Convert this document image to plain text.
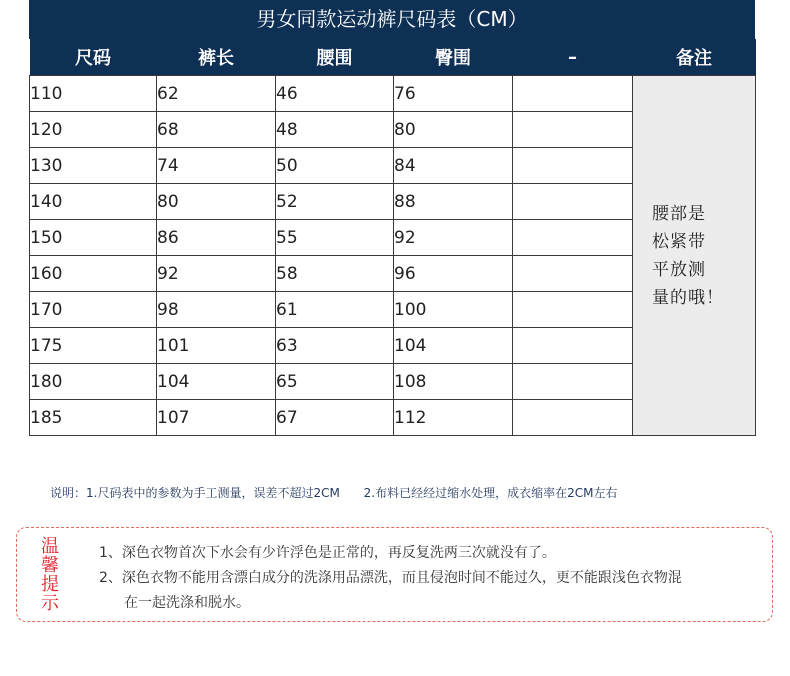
男女同款运动裤尺码表（CM）
尺码	裤长	腰围	臀围	–	备注
110	62	46	76		腰部是
松紧带
平放测
量的哦！

120	68	48	80		
130	74	50	84		
140	80	52	88		
150	86	55	92		
160	92	58	96		
170	98	61	100		
175	101	63	104		
180	104	65	108		
185	107	67	112		
说明：1.尺码表中的参数为手工测量，误差不超过2CM 2.布料已经经过缩水处理，成衣缩率在2CM左右
温
馨
提
示
1、深色衣物首次下水会有少许浮色是正常的，再反复洗两三次就没有了。
2、深色衣物不能用含漂白成分的洗涤用品漂洗，而且侵泡时间不能过久，更不能跟浅色衣物混
在一起洗涤和脱水。
